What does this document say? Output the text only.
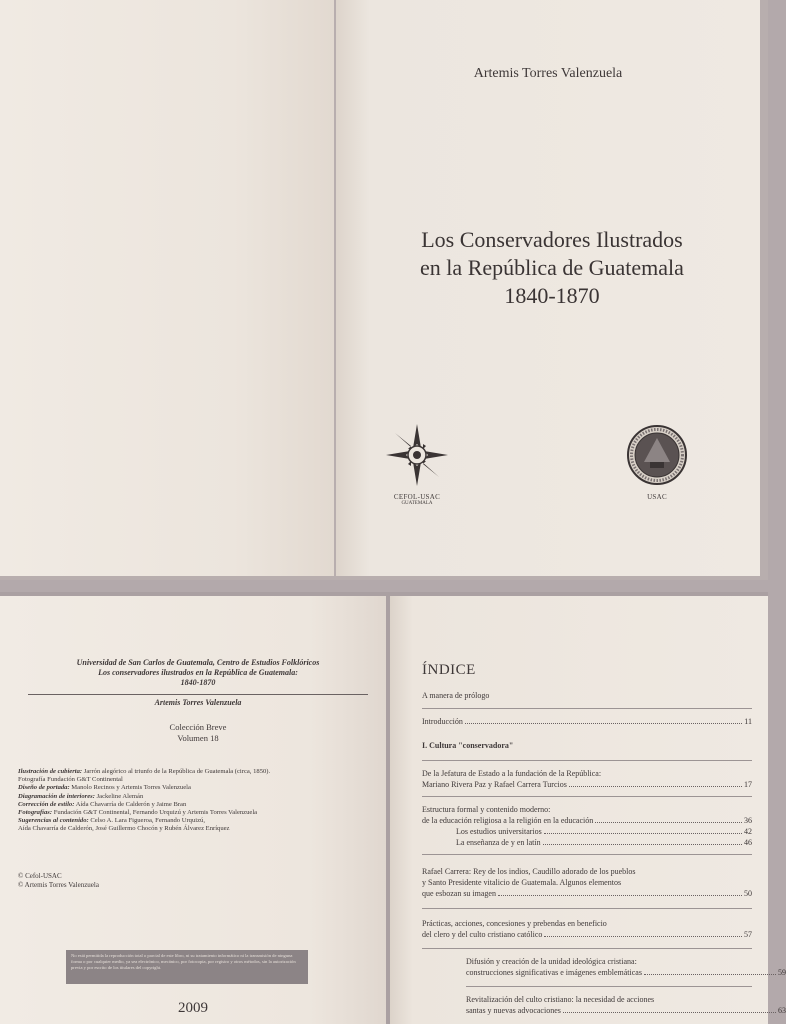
Artemis Torres Valenzuela
Los Conservadores Ilustrados
en la República de Guatemala
1840-1870
CEFOL-USAC
GUATEMALA
USAC
Universidad de San Carlos de Guatemala, Centro de Estudios Folklóricos
Los conservadores ilustrados en la República de Guatemala:
1840-1870
Artemis Torres Valenzuela
Colección Breve
Volumen 18
Ilustración de cubierta: Jarrón alegórico al triunfo de la República de Guatemala (circa, 1850).
Fotografía Fundación G&T Continental
Diseño de portada: Manolo Recinos y Artemis Torres Valenzuela
Diagramación de interiores: Jackeline Alemán
Corrección de estilo: Aída Chavarría de Calderón y Jaime Bran
Fotografías: Fundación G&T Continental, Fernando Urquizú y Artemis Torres Valenzuela
Sugerencias al contenido: Celso A. Lara Figueroa, Fernando Urquizú,
Aída Chavarría de Calderón, José Guillermo Chocón y Rubén Álvarez Enríquez
© Cefol-USAC
© Artemis Torres Valenzuela
No está permitida la reproducción total o parcial de este libro, ni su tratamiento informático ni la transmisión de ninguna forma o por cualquier medio, ya sea electrónico, mecánico, por fotocopia, por registro y otros métodos, sin la autorización previa y por escrito de los titulares del copyright.
2009
ÍNDICE
A manera de prólogo
Introducción	11
I. Cultura "conservadora"
De la Jefatura de Estado a la fundación de la República:
Mariano Rivera Paz y Rafael Carrera Turcios	17
Estructura formal y contenido moderno:
de la educación religiosa a la religión en la educación	36
Los estudios universitarios	42
La enseñanza de y en latín	46
Rafael Carrera: Rey de los indios, Caudillo adorado de los pueblos
y Santo Presidente vitalicio de Guatemala. Algunos elementos
que esbozan su imagen	50
Prácticas, acciones, concesiones y prebendas en beneficio
del clero y del culto cristiano católico	57
Difusión y creación de la unidad ideológica cristiana:
construcciones significativas e imágenes emblemáticas	59
Revitalización del culto cristiano: la necesidad de acciones
santas y nuevas advocaciones	63
